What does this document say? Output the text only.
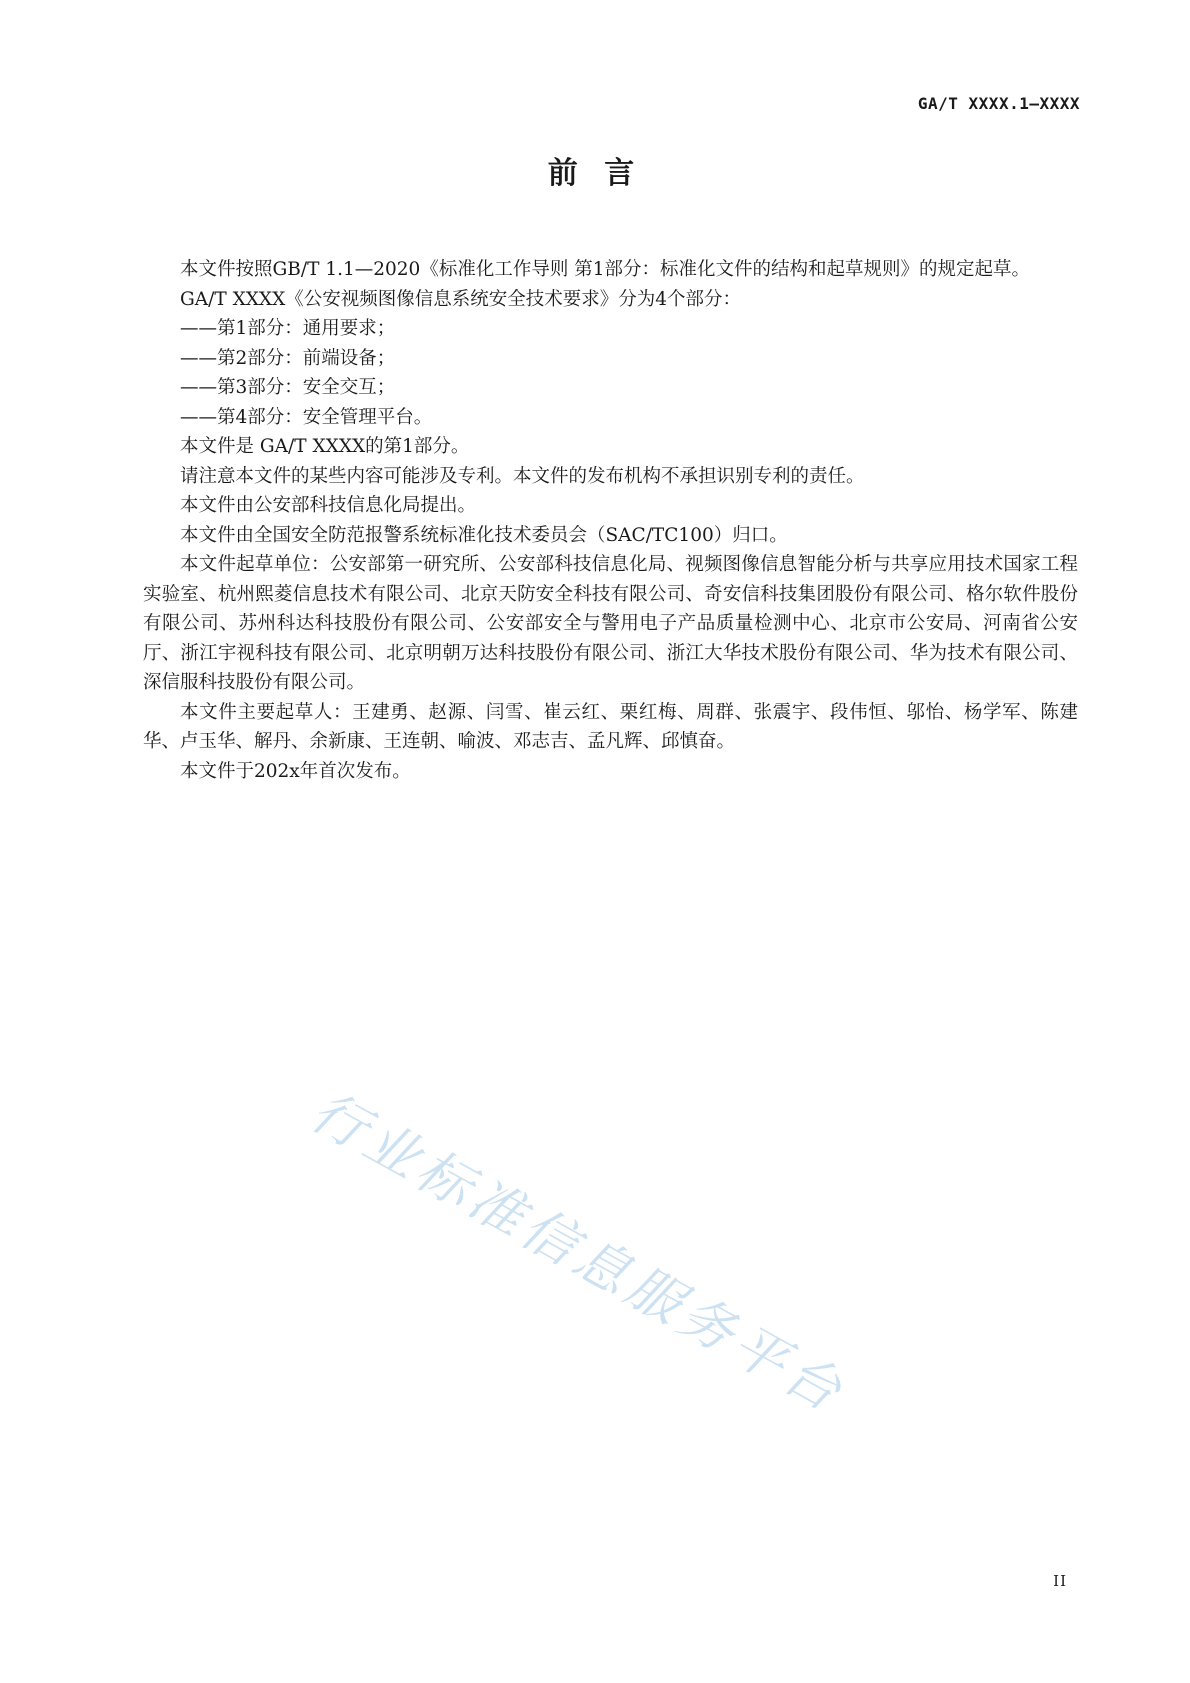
GA/T XXXX.1—XXXX
前 言

本文件按照GB/T 1.1—2020《标准化工作导则 第1部分：标准化文件的结构和起草规则》的规定起草。

GA/T XXXX《公安视频图像信息系统安全技术要求》分为4个部分：

——第1部分：通用要求；

——第2部分：前端设备；

——第3部分：安全交互；

——第4部分：安全管理平台。

本文件是 GA/T XXXX的第1部分。

请注意本文件的某些内容可能涉及专利。本文件的发布机构不承担识别专利的责任。

本文件由公安部科技信息化局提出。

本文件由全国安全防范报警系统标准化技术委员会（SAC/TC100）归口。

本文件起草单位：公安部第一研究所、公安部科技信息化局、视频图像信息智能分析与共享应用技术国家工程实验室、杭州熙菱信息技术有限公司、北京天防安全科技有限公司、奇安信科技集团股份有限公司、格尔软件股份有限公司、苏州科达科技股份有限公司、公安部安全与警用电子产品质量检测中心、北京市公安局、河南省公安厅、浙江宇视科技有限公司、北京明朝万达科技股份有限公司、浙江大华技术股份有限公司、华为技术有限公司、深信服科技股份有限公司。

本文件主要起草人：王建勇、赵源、闫雪、崔云红、栗红梅、周群、张震宇、段伟恒、邬怡、杨学军、陈建华、卢玉华、解丹、余新康、王连朝、喻波、邓志吉、孟凡辉、邱慎奋。

本文件于202x年首次发布。

行业标准信息服务平台
II
